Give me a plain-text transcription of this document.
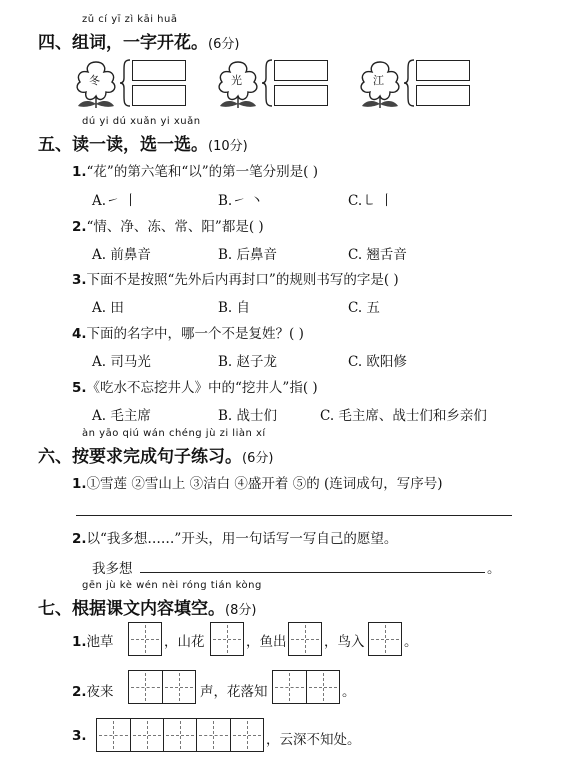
zǔ cí yī zì kāi huā
四、组词，一字开花。(6分)
冬	光	江
dú yi dú xuǎn yi xuǎn
五、读一读，选一选。(10分)
1.“花”的第六笔和“以”的第一笔分别是( )
A.㇀ 丨	B.㇀ 丶	C.㇄ 丨
2.“情、净、冻、常、阳”都是( )
A. 前鼻音	B. 后鼻音	C. 翘舌音
3.下面不是按照“先外后内再封口”的规则书写的字是( )
A. 田	B. 自	C. 五
4.下面的名字中，哪一个不是复姓？( )
A. 司马光	B. 赵子龙	C. 欧阳修
5.《吃水不忘挖井人》中的“挖井人”指( )
A. 毛主席	B. 战士们	C. 毛主席、战士们和乡亲们
àn yāo qiú wán chéng jù zi liàn xí
六、按要求完成句子练习。(6分)
1.①雪莲 ②雪山上 ③洁白 ④盛开着 ⑤的 (连词成句，写序号)
2.以“我多想……”开头，用一句话写一写自己的愿望。
我多想	。
gēn jù kè wén nèi róng tián kòng
七、根据课文内容填空。(8分)
1.池草	，山花	，鱼出	，鸟入	。
2.夜来	声，花落知	。
3.	，云深不知处。
